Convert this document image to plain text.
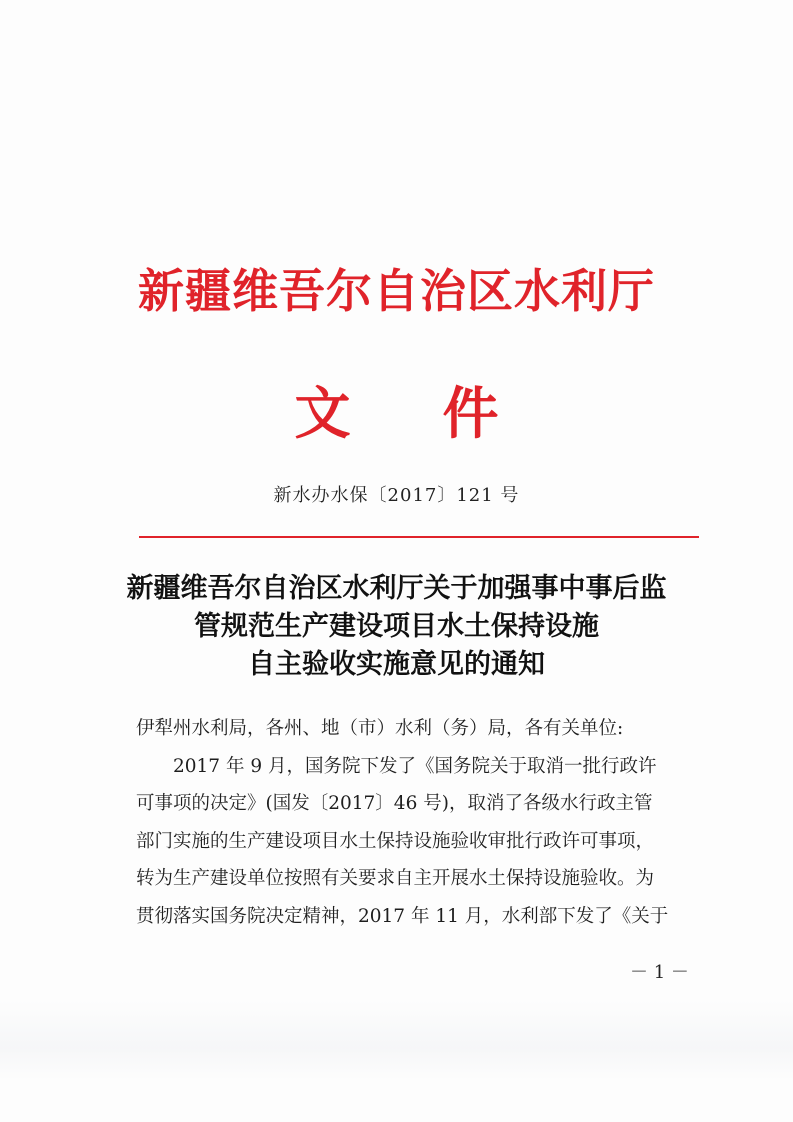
新疆维吾尔自治区水利厅
文 件
新水办水保〔2017〕121 号
新疆维吾尔自治区水利厅关于加强事中事后监
管规范生产建设项目水土保持设施
自主验收实施意见的通知
伊犁州水利局，各州、地（市）水利（务）局，各有关单位:
2017 年 9 月，国务院下发了《国务院关于取消一批行政许
可事项的决定》(国发〔2017〕46 号)，取消了各级水行政主管
部门实施的生产建设项目水土保持设施验收审批行政许可事项，
转为生产建设单位按照有关要求自主开展水土保持设施验收。为
贯彻落实国务院决定精神，2017 年 11 月，水利部下发了《关于
－ 1 －
